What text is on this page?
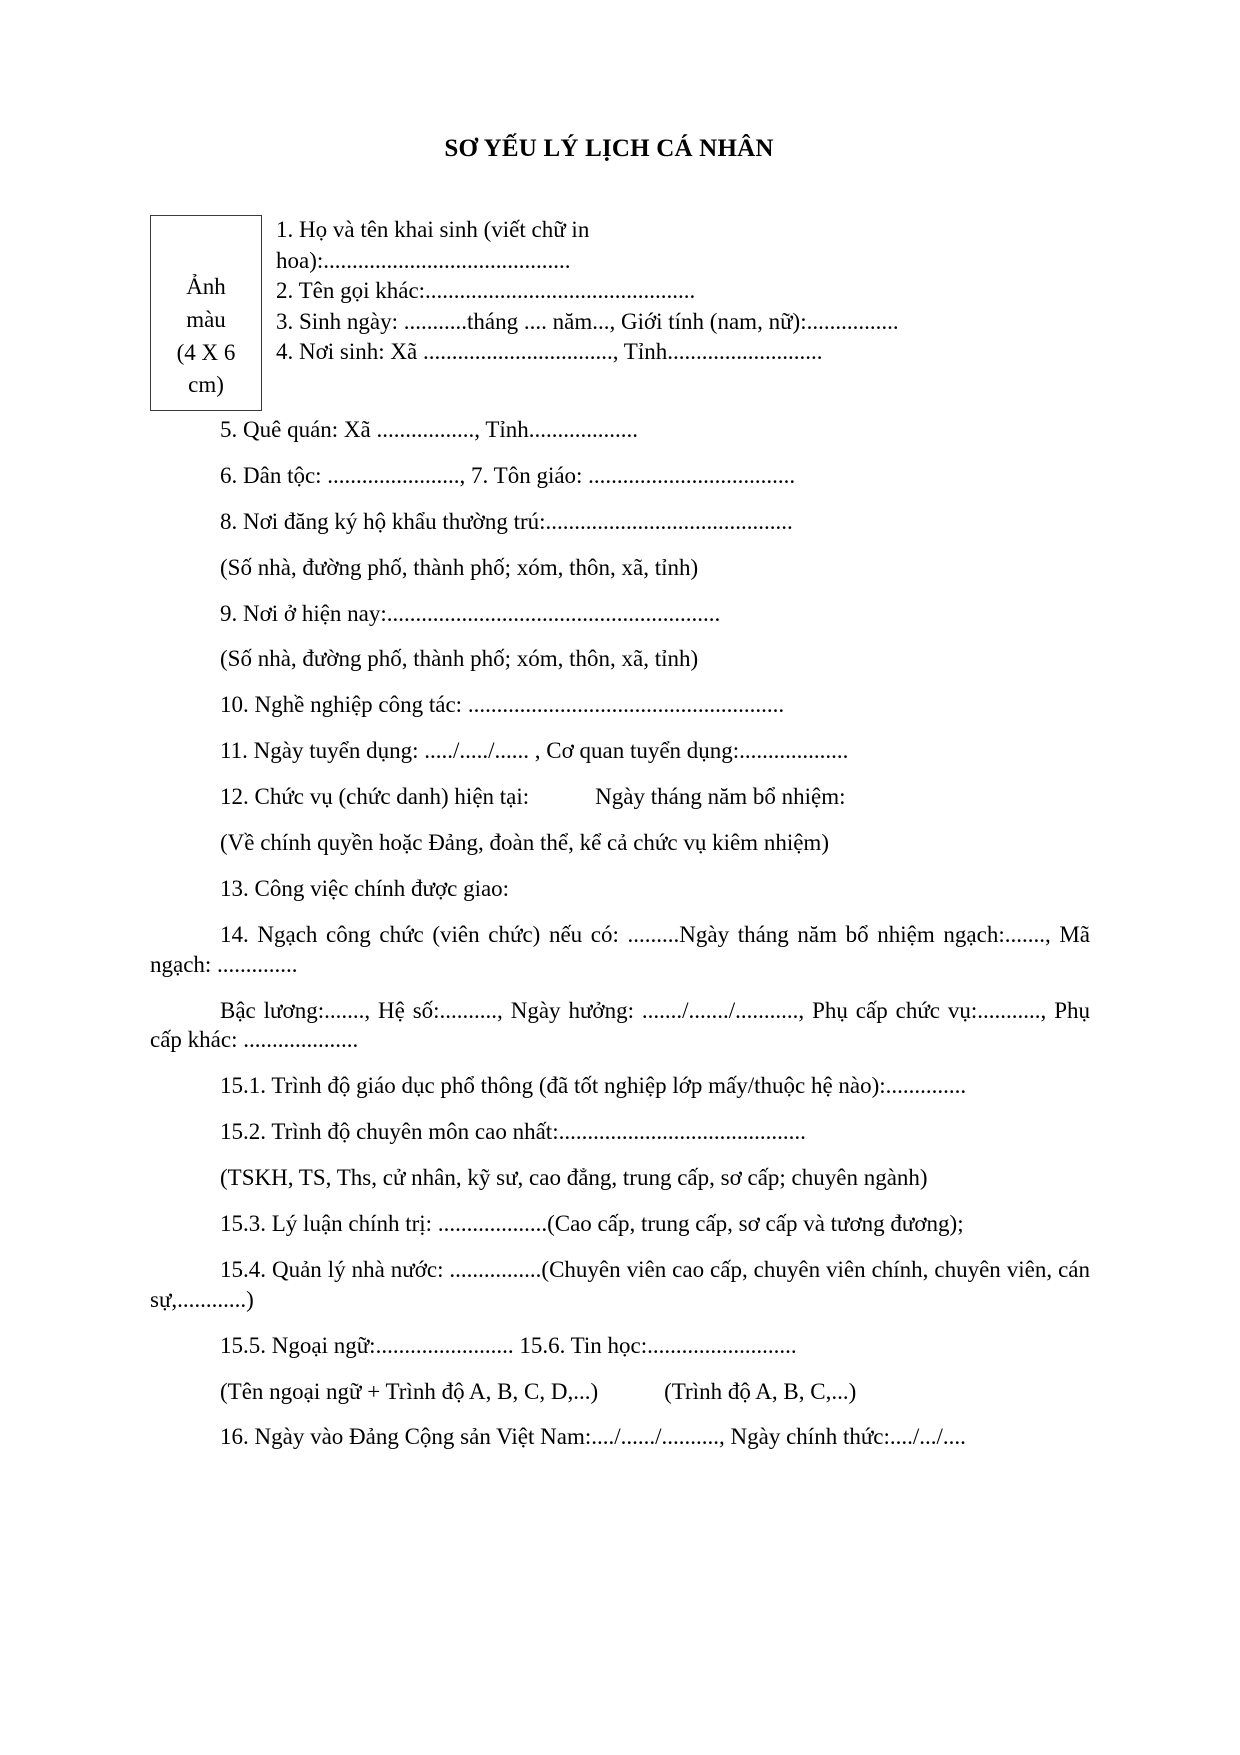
SƠ YẾU LÝ LỊCH CÁ NHÂN
Ảnh
màu
(4 X 6
cm)
1. Họ và tên khai sinh (viết chữ in
hoa):...........................................
2. Tên gọi khác:...............................................
3. Sinh ngày: ...........tháng .... năm..., Giới tính (nam, nữ):................
4. Nơi sinh: Xã ................................., Tỉnh...........................

5. Quê quán: Xã ................., Tỉnh...................

6. Dân tộc: ......................., 7. Tôn giáo: ....................................

8. Nơi đăng ký hộ khẩu thường trú:...........................................

(Số nhà, đường phố, thành phố; xóm, thôn, xã, tỉnh)

9. Nơi ở hiện nay:..........................................................

(Số nhà, đường phố, thành phố; xóm, thôn, xã, tỉnh)

10. Nghề nghiệp công tác: .......................................................

11. Ngày tuyển dụng: ...../...../...... , Cơ quan tuyển dụng:...................

12. Chức vụ (chức danh) hiện tại:	Ngày tháng năm bổ nhiệm:

(Về chính quyền hoặc Đảng, đoàn thể, kể cả chức vụ kiêm nhiệm)

13. Công việc chính được giao:

14. Ngạch công chức (viên chức) nếu có: .........Ngày tháng năm bổ nhiệm ngạch:......., Mã ngạch: ..............

Bậc lương:......., Hệ số:.........., Ngày hưởng: ......./......./..........., Phụ cấp chức vụ:..........., Phụ cấp khác: ....................

15.1. Trình độ giáo dục phổ thông (đã tốt nghiệp lớp mấy/thuộc hệ nào):..............

15.2. Trình độ chuyên môn cao nhất:...........................................

(TSKH, TS, Ths, cử nhân, kỹ sư, cao đẳng, trung cấp, sơ cấp; chuyên ngành)

15.3. Lý luận chính trị: ...................(Cao cấp, trung cấp, sơ cấp và tương đương);

15.4. Quản lý nhà nước: ................(Chuyên viên cao cấp, chuyên viên chính, chuyên viên, cán sự,............)

15.5. Ngoại ngữ:........................ 15.6. Tin học:..........................

(Tên ngoại ngữ + Trình độ A, B, C, D,...)	(Trình độ A, B, C,...)

16. Ngày vào Đảng Cộng sản Việt Nam:..../....../.........., Ngày chính thức:..../.../....
